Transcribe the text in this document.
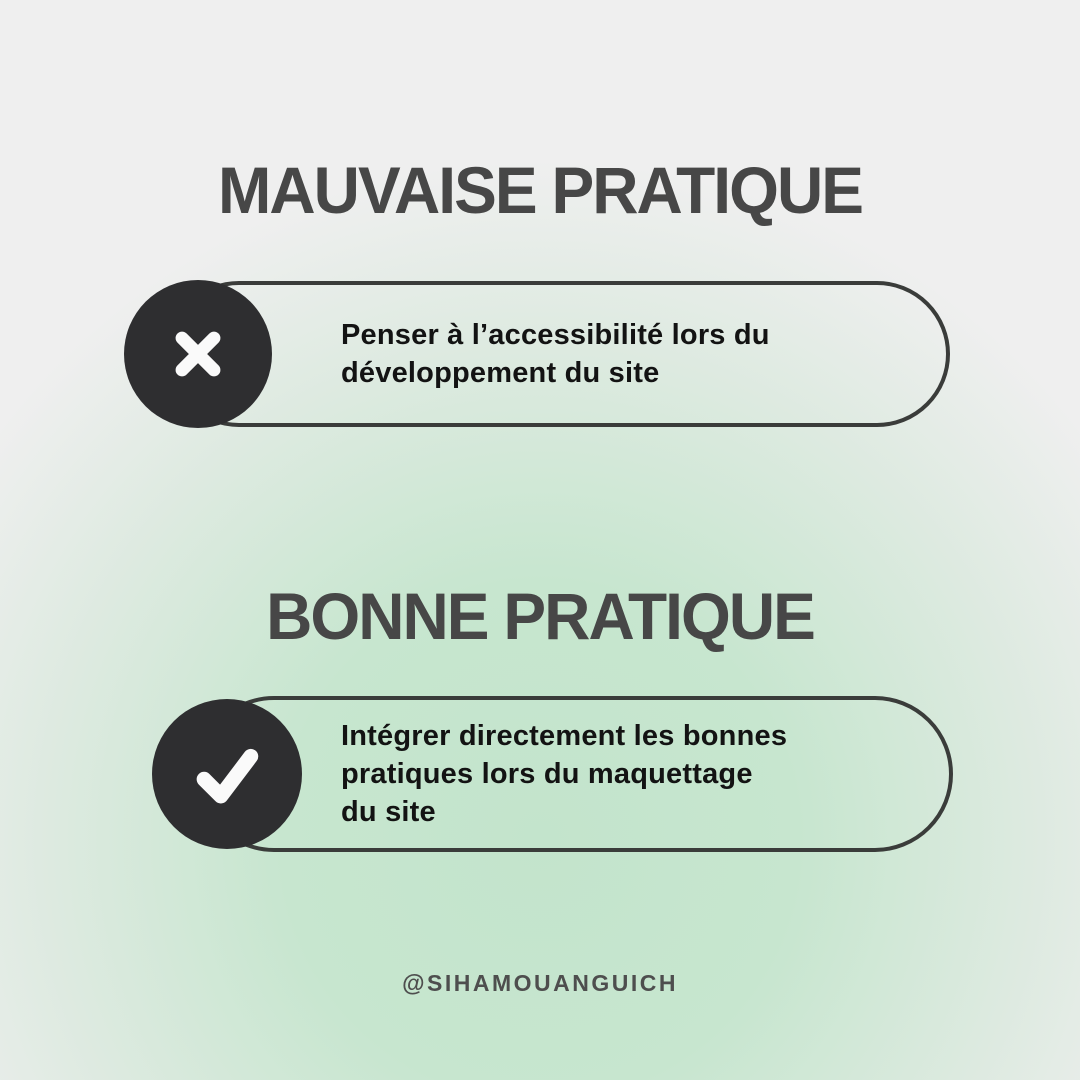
MAUVAISE PRATIQUE
Penser à l’accessibilité lors du
développement du site
BONNE PRATIQUE
Intégrer directement les bonnes
pratiques lors du maquettage
du site
@SIHAMOUANGUICH
